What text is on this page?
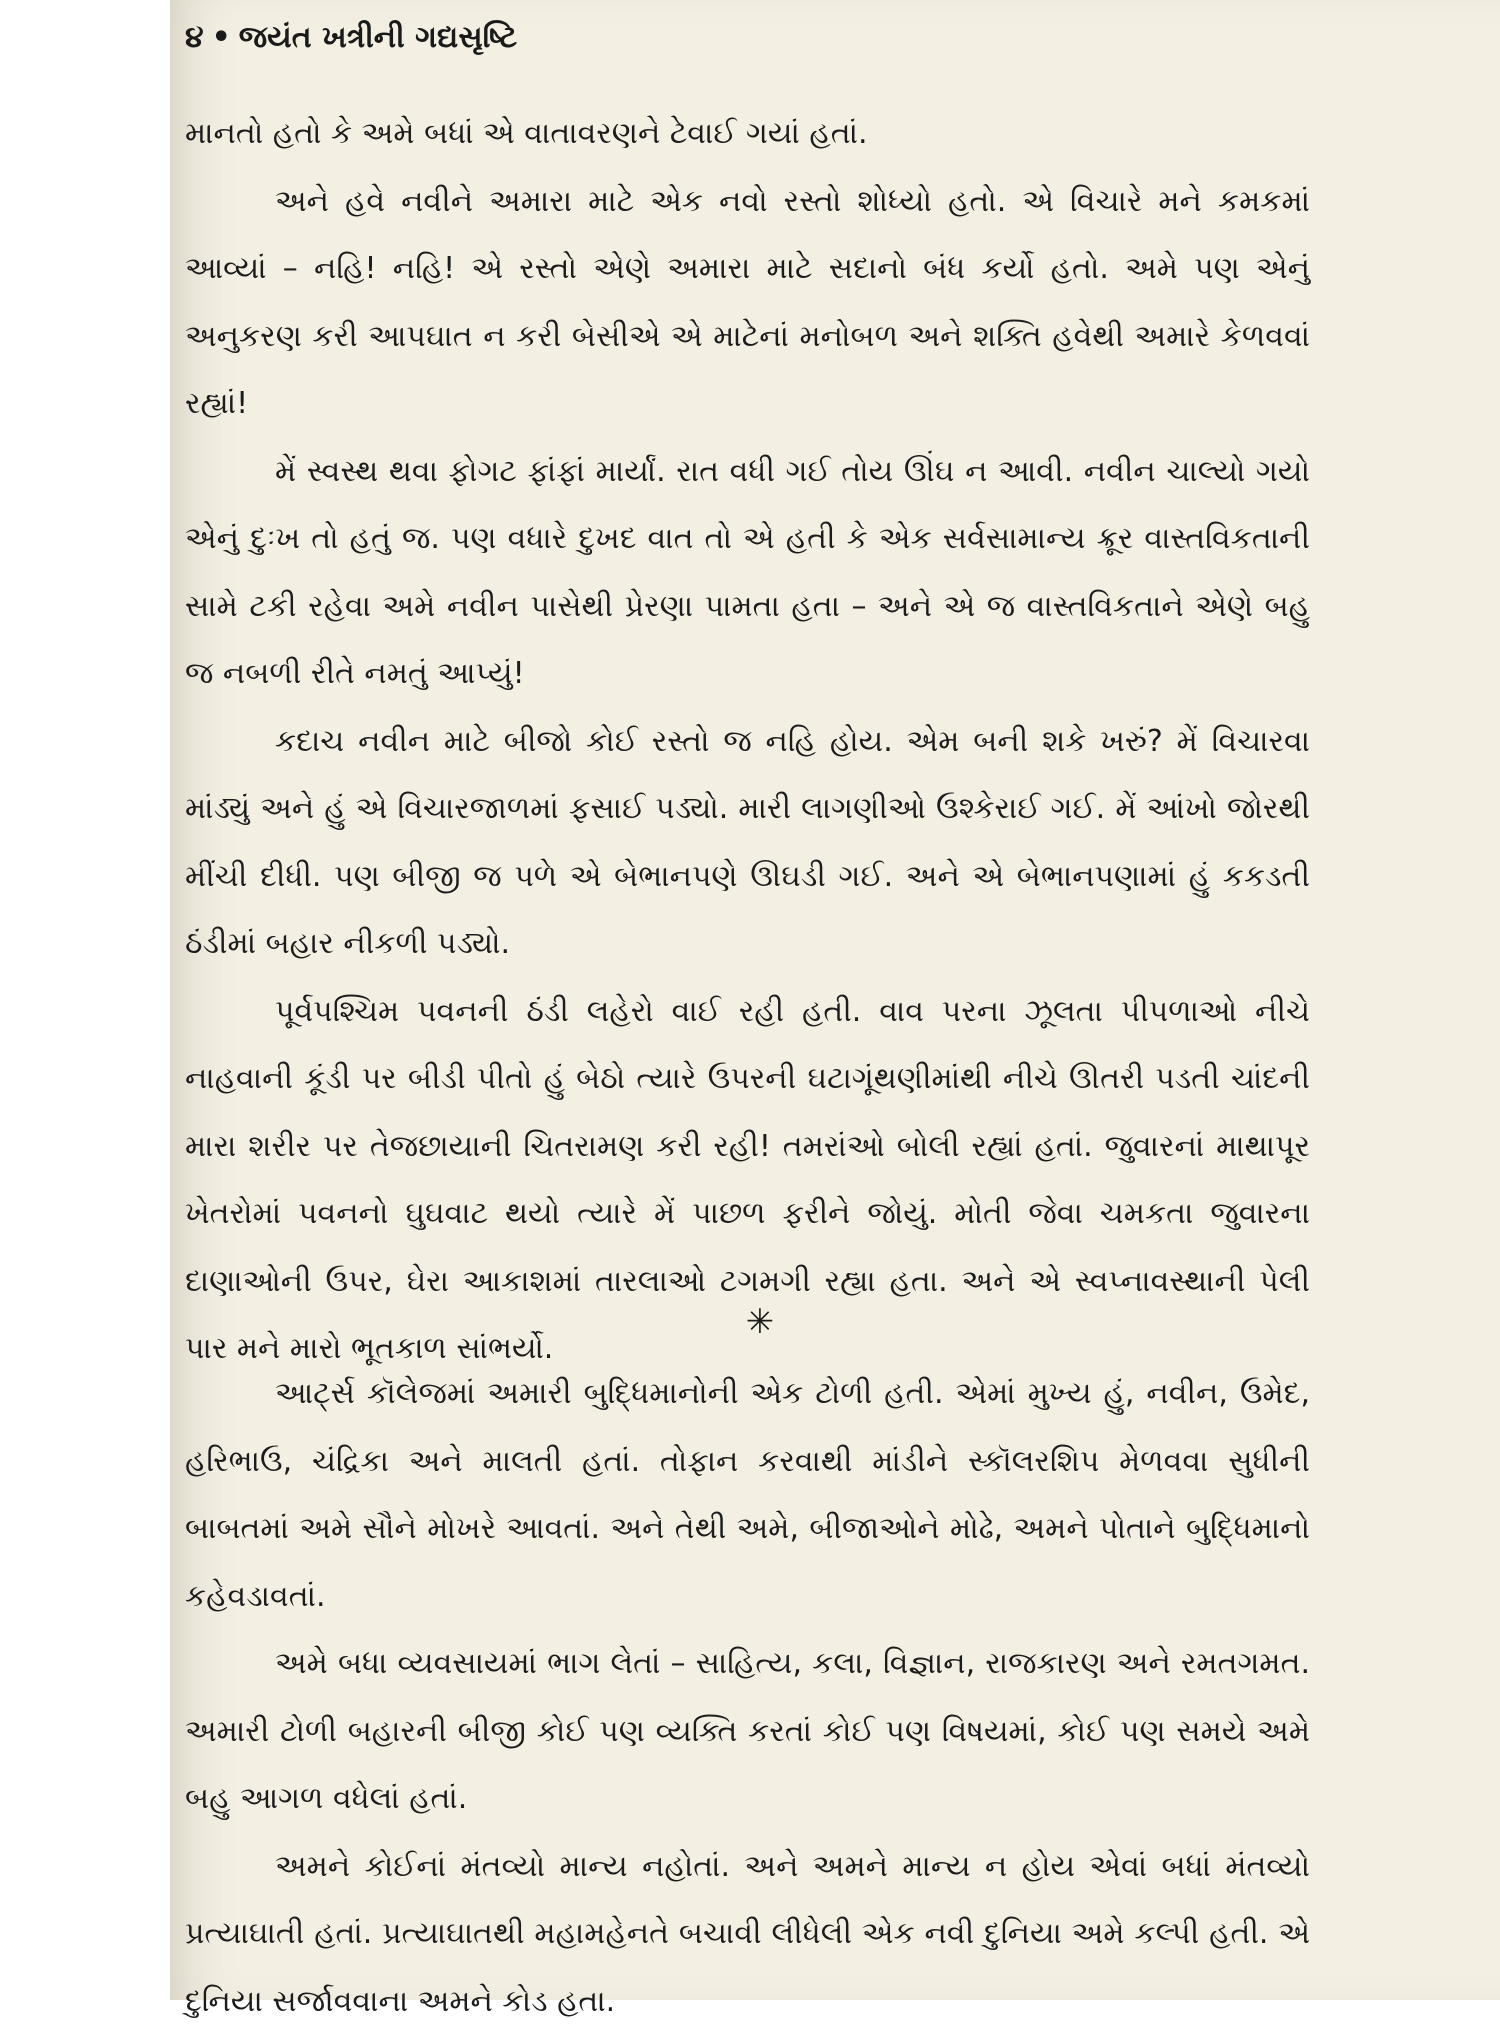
૪ • જયંત ખત્રીની ગદ્યસૃષ્ટિ

માનતો હતો કે અમે બધાં એ વાતાવરણને ટેવાઈ ગયાં હતાં.

અને હવે નવીને અમારા માટે એક નવો રસ્તો શોધ્યો હતો. એ વિચારે મને કમકમાં આવ્યાં – નહિ! નહિ! એ રસ્તો એણે અમારા માટે સદાનો બંધ કર્યો હતો. અમે પણ એનું અનુકરણ કરી આપઘાત ન કરી બેસીએ એ માટેનાં મનોબળ અને શક્તિ હવેથી અમારે કેળવવાં રહ્યાં!

મેં સ્વસ્થ થવા ફોગટ ફાંફાં માર્યાં. રાત વધી ગઈ તોય ઊંઘ ન આવી. નવીન ચાલ્યો ગયો એનું દુઃખ તો હતું જ. પણ વધારે દુખદ વાત તો એ હતી કે એક સર્વસામાન્ય ક્રૂર વાસ્તવિકતાની સામે ટકી રહેવા અમે નવીન પાસેથી પ્રેરણા પામતા હતા – અને એ જ વાસ્તવિકતાને એણે બહુ જ નબળી રીતે નમતું આપ્યું!

કદાચ નવીન માટે બીજો કોઈ રસ્તો જ નહિ હોય. એમ બની શકે ખરું? મેં વિચારવા માંડ્યું અને હું એ વિચારજાળમાં ફસાઈ પડ્યો. મારી લાગણીઓ ઉશ્કેરાઈ ગઈ. મેં આંખો જોરથી મીંચી દીધી. પણ બીજી જ પળે એ બેભાનપણે ઊઘડી ગઈ. અને એ બેભાનપણામાં હું કકડતી ઠંડીમાં બહાર નીકળી પડ્યો.

પૂર્વપશ્ચિમ પવનની ઠંડી લહેરો વાઈ રહી હતી. વાવ પરના ઝૂલતા પીપળાઓ નીચે નાહવાની કૂંડી પર બીડી પીતો હું બેઠો ત્યારે ઉપરની ઘટાગૂંથણીમાંથી નીચે ઊતરી પડતી ચાંદની મારા શરીર પર તેજછાયાની ચિતરામણ કરી રહી! તમરાંઓ બોલી રહ્યાં હતાં. જુવારનાં માથાપૂર ખેતરોમાં પવનનો ઘુઘવાટ થયો ત્યારે મેં પાછળ ફરીને જોયું. મોતી જેવા ચમકતા જુવારના દાણાઓની ઉપર, ઘેરા આકાશમાં તારલાઓ ટગમગી રહ્યા હતા. અને એ સ્વપ્નાવસ્થાની પેલી પાર મને મારો ભૂતકાળ સાંભર્યો.

✳

આર્ટ્સ કૉલેજમાં અમારી બુદ્ધિમાનોની એક ટોળી હતી. એમાં મુખ્ય હું, નવીન, ઉમેદ, હરિભાઉ, ચંદ્રિકા અને માલતી હતાં. તોફાન કરવાથી માંડીને સ્કૉલરશિપ મેળવવા સુધીની બાબતમાં અમે સૌને મોખરે આવતાં. અને તેથી અમે, બીજાઓને મોઢે, અમને પોતાને બુદ્ધિમાનો કહેવડાવતાં.

અમે બધા વ્યવસાયમાં ભાગ લેતાં – સાહિત્ય, કલા, વિજ્ઞાન, રાજકારણ અને રમતગમત. અમારી ટોળી બહારની બીજી કોઈ પણ વ્યક્તિ કરતાં કોઈ પણ વિષયમાં, કોઈ પણ સમયે અમે બહુ આગળ વધેલાં હતાં.

અમને કોઈનાં મંતવ્યો માન્ય નહોતાં. અને અમને માન્ય ન હોય એવાં બધાં મંતવ્યો પ્રત્યાઘાતી હતાં. પ્રત્યાઘાતથી મહામહેનતે બચાવી લીધેલી એક નવી દુનિયા અમે કલ્પી હતી. એ દુનિયા સર્જાવવાના અમને કોડ હતા.
